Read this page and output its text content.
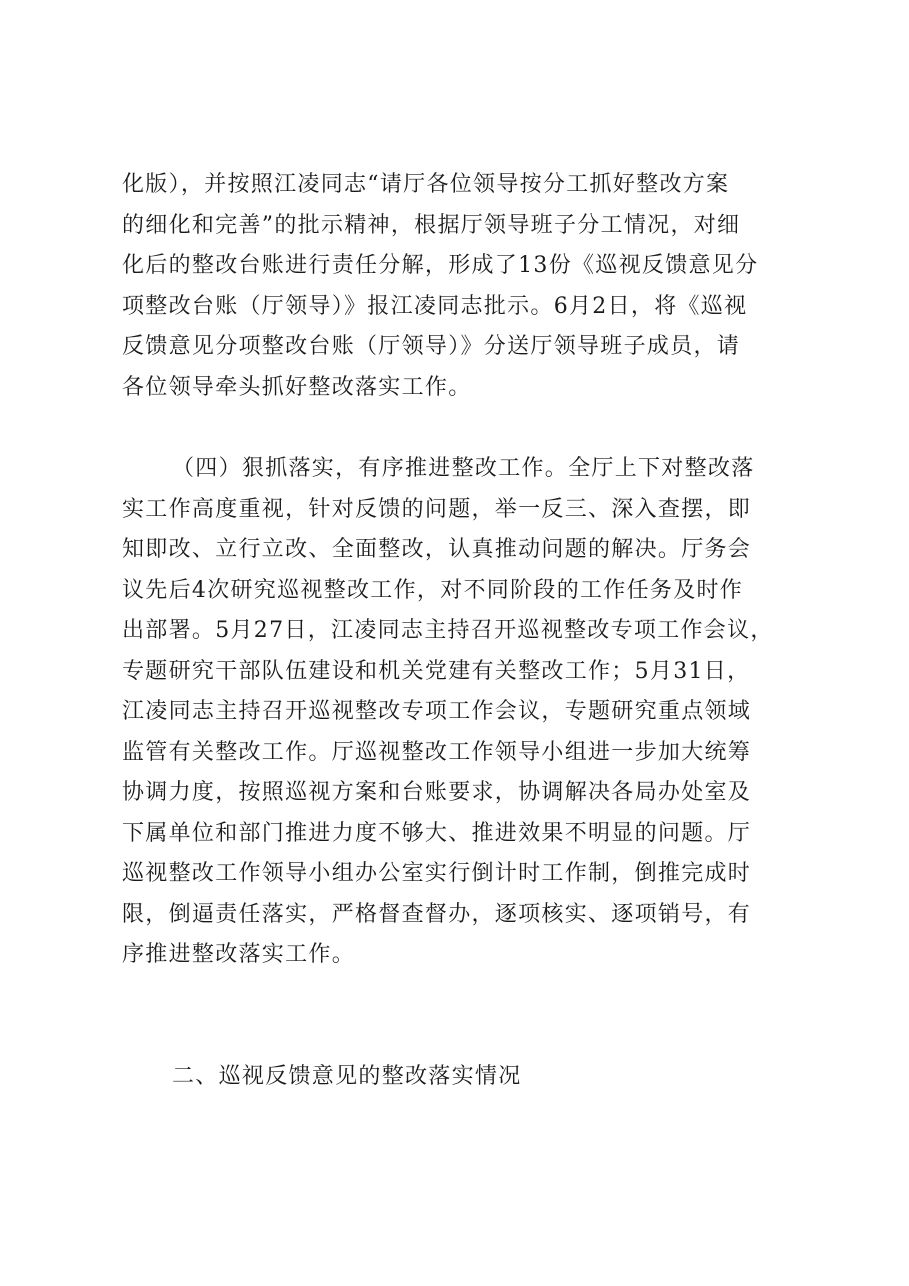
化版），并按照江凌同志“请厅各位领导按分工抓好整改方案
的细化和完善”的批示精神，根据厅领导班子分工情况，对细
化后的整改台账进行责任分解，形成了13份《巡视反馈意见分
项整改台账（厅领导）》报江凌同志批示。6月2日，将《巡视
反馈意见分项整改台账（厅领导）》分送厅领导班子成员，请
各位领导牵头抓好整改落实工作。
（四）狠抓落实，有序推进整改工作。全厅上下对整改落
实工作高度重视，针对反馈的问题，举一反三、深入查摆，即
知即改、立行立改、全面整改，认真推动问题的解决。厅务会
议先后4次研究巡视整改工作，对不同阶段的工作任务及时作
出部署。5月27日，江凌同志主持召开巡视整改专项工作会议，
专题研究干部队伍建设和机关党建有关整改工作；5月31日，
江凌同志主持召开巡视整改专项工作会议，专题研究重点领域
监管有关整改工作。厅巡视整改工作领导小组进一步加大统筹
协调力度，按照巡视方案和台账要求，协调解决各局办处室及
下属单位和部门推进力度不够大、推进效果不明显的问题。厅
巡视整改工作领导小组办公室实行倒计时工作制，倒推完成时
限，倒逼责任落实，严格督查督办，逐项核实、逐项销号，有
序推进整改落实工作。
二、巡视反馈意见的整改落实情况
